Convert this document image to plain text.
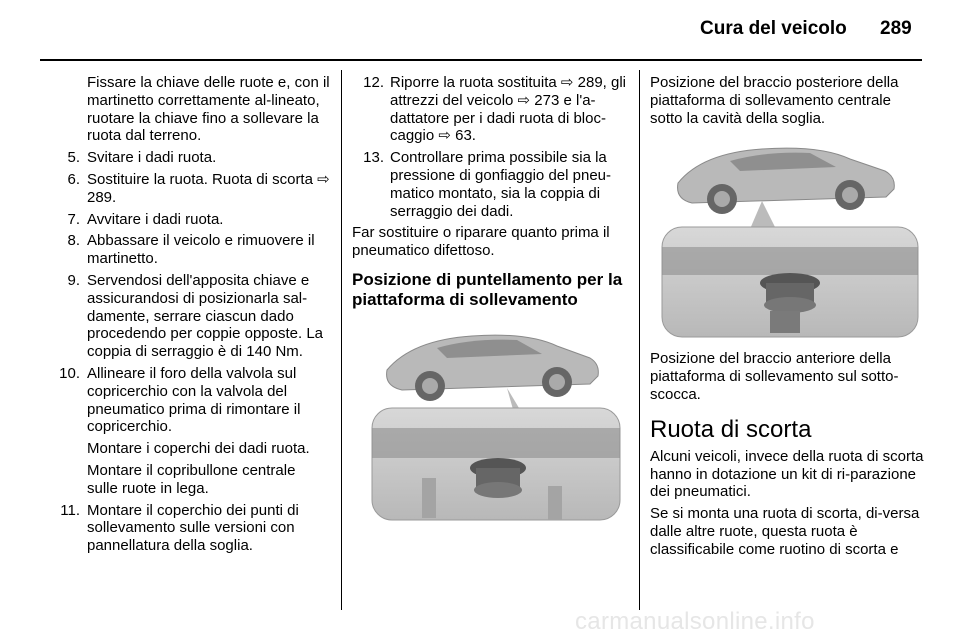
Cura del veicolo 289
Fissare la chiave delle ruote e, con il martinetto correttamente al-lineato, ruotare la chiave fino a sollevare la ruota dal terreno.
5. Svitare i dadi ruota.
6. Sostituire la ruota. Ruota di scorta ⇨ 289.
7. Avvitare i dadi ruota.
8. Abbassare il veicolo e rimuovere il martinetto.
9. Servendosi dell'apposita chiave e assicurandosi di posizionarla sal-damente, serrare ciascun dado procedendo per coppie opposte. La coppia di serraggio è di 140 Nm.
10. Allineare il foro della valvola sul copricerchio con la valvola del pneumatico prima di rimontare il copricerchio.
Montare i coperchi dei dadi ruota.
Montare il copribullone centrale sulle ruote in lega.
11. Montare il coperchio dei punti di sollevamento sulle versioni con pannellatura della soglia.
12. Riporre la ruota sostituita ⇨ 289, gli attrezzi del veicolo ⇨ 273 e l'a-dattatore per i dadi ruota di bloc-caggio ⇨ 63.
13. Controllare prima possibile sia la pressione di gonfiaggio del pneu-matico montato, sia la coppia di serraggio dei dadi.
Far sostituire o riparare quanto prima il pneumatico difettoso.
Posizione di puntellamento per la piattaforma di sollevamento
Posizione del braccio posteriore della piattaforma di sollevamento centrale sotto la cavità della soglia.
Posizione del braccio anteriore della piattaforma di sollevamento sul sotto-scocca.
Ruota di scorta
Alcuni veicoli, invece della ruota di scorta hanno in dotazione un kit di ri-parazione dei pneumatici.
Se si monta una ruota di scorta, di-versa dalle altre ruote, questa ruota è classificabile come ruotino di scorta e
carmanualsonline.info
